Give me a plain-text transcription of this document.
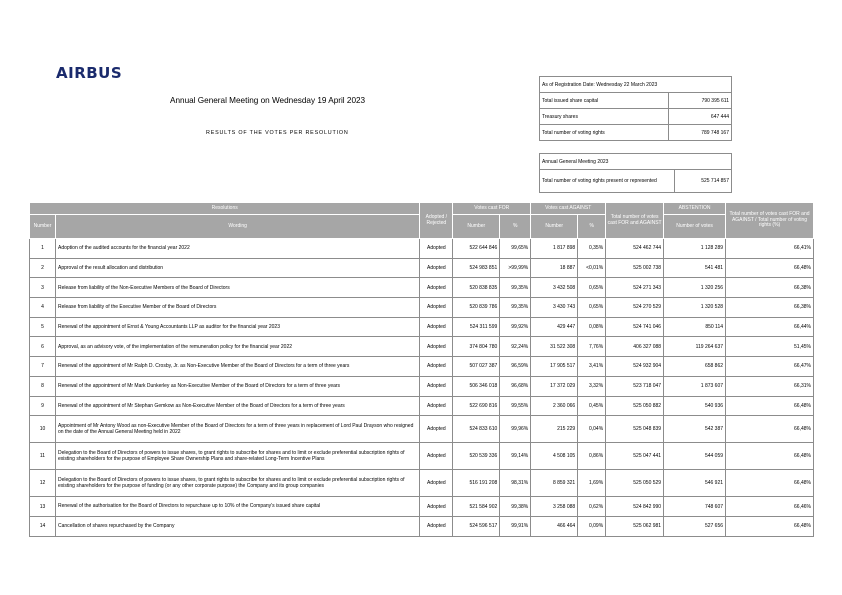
AIRBUS
Annual General Meeting on Wednesday 19 April 2023
RESULTS OF THE VOTES PER RESOLUTION
As of Registration Date: Wednesday 22 March 2023	
Total issued share capital	790 395 611
Treasury shares	647 444
Total number of voting rights	789 748 167
Annual General Meeting 2023
Total number of voting rights present or represented	525 714 857
Resolutions		Adopted / Rejected	Votes cast FOR		Votes cast AGAINST		Total number of votes cast FOR and AGAINST	ABSTENTION	Total number of votes cast FOR and AGAINST / Total number of voting rights (%)
Number	Wording		Number	%	Number	%		Number of votes	
1	Adoption of the audited accounts for the financial year 2022	Adopted	522 644 846	99,65%	1 817 898	0,35%	524 462 744	1 128 289	66,41%
2	Approval of the result allocation and distribution	Adopted	524 983 851	>99,99%	18 887	<0,01%	525 002 738	541 481	66,48%
3	Release from liability of the Non-Executive Members of the Board of Directors	Adopted	520 838 835	99,35%	3 432 508	0,65%	524 271 343	1 320 256	66,38%
4	Release from liability of the Executive Member of the Board of Directors	Adopted	520 839 786	99,35%	3 430 743	0,65%	524 270 529	1 320 528	66,38%
5	Renewal of the appointment of Ernst & Young Accountants LLP as auditor for the financial year 2023	Adopted	524 311 599	99,92%	429 447	0,08%	524 741 046	850 114	66,44%
6	Approval, as an advisory vote, of the implementation of the remuneration policy for the financial year 2022	Adopted	374 804 780	92,24%	31 522 308	7,76%	406 327 088	119 264 637	51,45%
7	Renewal of the appointment of Mr Ralph D. Crosby, Jr. as Non-Executive Member of the Board of Directors for a term of three years	Adopted	507 027 387	96,59%	17 905 517	3,41%	524 932 904	658 862	66,47%
8	Renewal of the appointment of Mr Mark Dunkerley as Non-Executive Member of the Board of Directors for a term of three years	Adopted	506 346 018	96,68%	17 372 029	3,32%	523 718 047	1 873 607	66,31%
9	Renewal of the appointment of Mr Stephan Gemkow as Non-Executive Member of the Board of Directors for a term of three years	Adopted	522 690 816	99,55%	2 360 066	0,45%	525 050 882	540 936	66,48%
10	Appointment of Mr Antony Wood as non-Executive Member of the Board of Directors for a term of three years in replacement of Lord Paul Drayson who resigned on the date of the Annual General Meeting held in 2022	Adopted	524 833 610	99,96%	215 229	0,04%	525 048 839	542 387	66,48%
11	Delegation to the Board of Directors of powers to issue shares, to grant rights to subscribe for shares and to limit or exclude preferential subscription rights of existing shareholders for the purpose of Employee Share Ownership Plans and share-related Long-Term Incentive Plans	Adopted	520 539 336	99,14%	4 508 105	0,86%	525 047 441	544 059	66,48%
12	Delegation to the Board of Directors of powers to issue shares, to grant rights to subscribe for shares and to limit or exclude preferential subscription rights of existing shareholders for the purpose of funding (or any other corporate purpose) the Company and its group companies	Adopted	516 191 208	98,31%	8 859 321	1,69%	525 050 529	546 921	66,48%
13	Renewal of the authorisation for the Board of Directors to repurchase up to 10% of the Company's issued share capital	Adopted	521 584 902	99,38%	3 258 088	0,62%	524 842 990	748 607	66,46%
14	Cancellation of shares repurchased by the Company	Adopted	524 596 517	99,91%	466 464	0,09%	525 062 981	527 656	66,48%
